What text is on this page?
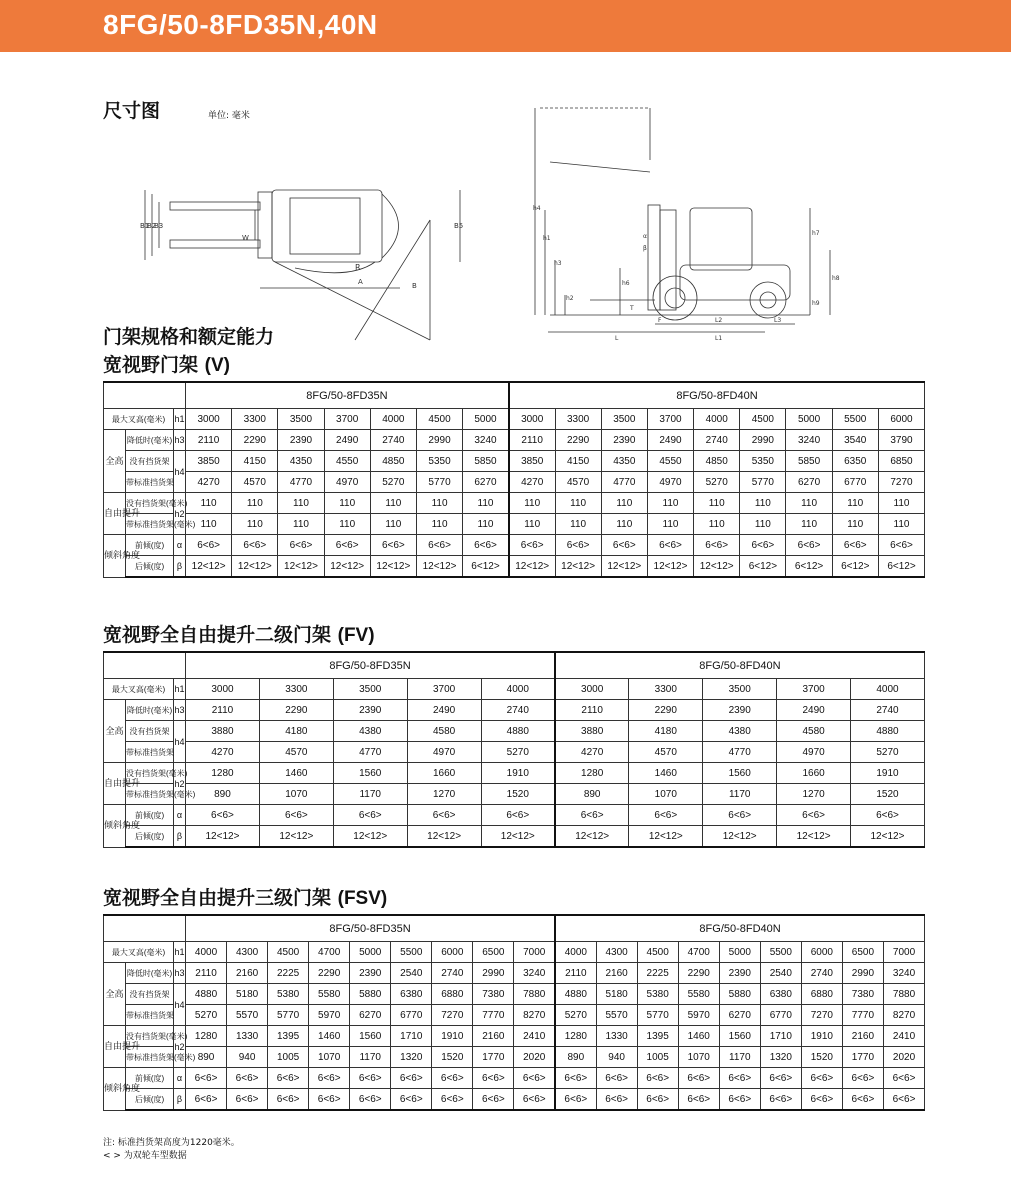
8FG/50-8FD35N,40N
尺寸图	单位: 毫米
B1
B2
B3
W
R
A	B
B5
h4
h1
h3
h2
h6
T
α
β
h7
h8
h9
L
F	L2	L3
L1
门架规格和额定能力
宽视野门架 (V)
			8FG/50-8FD35N							8FG/50-8FD40N								
最大叉高(毫米)		h1	3000	3300	3500	3700	4000	4500	5000	3000	3300	3500	3700	4000	4500	5000	5500	6000
全高	降低时(毫米)	h3	2110	2290	2390	2490	2740	2990	3240	2110	2290	2390	2490	2740	2990	3240	3540	3790
	没有挡货架	h4	3850	4150	4350	4550	4850	5350	5850	3850	4150	4350	4550	4850	5350	5850	6350	6850
	带标准挡货架		4270	4570	4770	4970	5270	5770	6270	4270	4570	4770	4970	5270	5770	6270	6770	7270
自由提升	没有挡货架(毫米)	h2	110	110	110	110	110	110	110	110	110	110	110	110	110	110	110	110
	带标准挡货架(毫米)		110	110	110	110	110	110	110	110	110	110	110	110	110	110	110	110
倾斜角度	前倾(度)	α	6<6>	6<6>	6<6>	6<6>	6<6>	6<6>	6<6>	6<6>	6<6>	6<6>	6<6>	6<6>	6<6>	6<6>	6<6>	6<6>
	后倾(度)	β	12<12>	12<12>	12<12>	12<12>	12<12>	12<12>	6<12>	12<12>	12<12>	12<12>	12<12>	12<12>	6<12>	6<12>	6<12>	6<12>
宽视野全自由提升二级门架 (FV)
			8FG/50-8FD35N					8FG/50-8FD40N				
最大叉高(毫米)		h1	3000	3300	3500	3700	4000	3000	3300	3500	3700	4000
全高	降低时(毫米)	h3	2110	2290	2390	2490	2740	2110	2290	2390	2490	2740
	没有挡货架	h4	3880	4180	4380	4580	4880	3880	4180	4380	4580	4880
	带标准挡货架		4270	4570	4770	4970	5270	4270	4570	4770	4970	5270
自由提升	没有挡货架(毫米)	h2	1280	1460	1560	1660	1910	1280	1460	1560	1660	1910
	带标准挡货架(毫米)		890	1070	1170	1270	1520	890	1070	1170	1270	1520
倾斜角度	前倾(度)	α	6<6>	6<6>	6<6>	6<6>	6<6>	6<6>	6<6>	6<6>	6<6>	6<6>
	后倾(度)	β	12<12>	12<12>	12<12>	12<12>	12<12>	12<12>	12<12>	12<12>	12<12>	12<12>
宽视野全自由提升三级门架 (FSV)
			8FG/50-8FD35N									8FG/50-8FD40N								
最大叉高(毫米)		h1	4000	4300	4500	4700	5000	5500	6000	6500	7000	4000	4300	4500	4700	5000	5500	6000	6500	7000
全高	降低时(毫米)	h3	2110	2160	2225	2290	2390	2540	2740	2990	3240	2110	2160	2225	2290	2390	2540	2740	2990	3240
	没有挡货架	h4	4880	5180	5380	5580	5880	6380	6880	7380	7880	4880	5180	5380	5580	5880	6380	6880	7380	7880
	带标准挡货架		5270	5570	5770	5970	6270	6770	7270	7770	8270	5270	5570	5770	5970	6270	6770	7270	7770	8270
自由提升	没有挡货架(毫米)	h2	1280	1330	1395	1460	1560	1710	1910	2160	2410	1280	1330	1395	1460	1560	1710	1910	2160	2410
	带标准挡货架(毫米)		890	940	1005	1070	1170	1320	1520	1770	2020	890	940	1005	1070	1170	1320	1520	1770	2020
倾斜角度	前倾(度)	α	6<6>	6<6>	6<6>	6<6>	6<6>	6<6>	6<6>	6<6>	6<6>	6<6>	6<6>	6<6>	6<6>	6<6>	6<6>	6<6>	6<6>	6<6>
	后倾(度)	β	6<6>	6<6>	6<6>	6<6>	6<6>	6<6>	6<6>	6<6>	6<6>	6<6>	6<6>	6<6>	6<6>	6<6>	6<6>	6<6>	6<6>	6<6>
注: 标准挡货架高度为1220毫米。
< > 为双轮车型数据
